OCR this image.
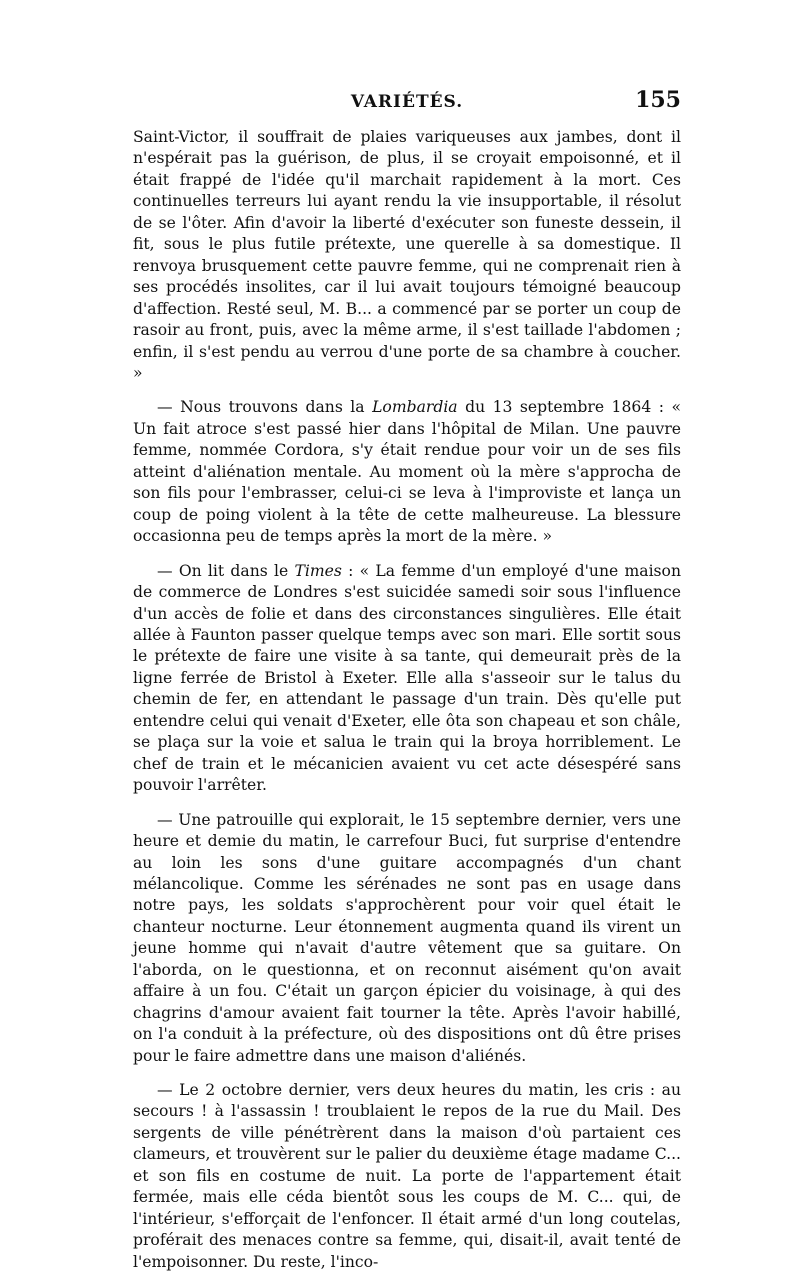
VARIÉTÉS.	155

Saint-Victor, il souffrait de plaies variqueuses aux jambes, dont il n'espérait pas la guérison, de plus, il se croyait empoisonné, et il était frappé de l'idée qu'il marchait rapidement à la mort. Ces continuelles terreurs lui ayant rendu la vie insupportable, il résolut de se l'ôter. Afin d'avoir la liberté d'exécuter son funeste dessein, il fit, sous le plus futile prétexte, une querelle à sa domestique. Il renvoya brusquement cette pauvre femme, qui ne comprenait rien à ses procédés insolites, car il lui avait toujours témoigné beaucoup d'affection. Resté seul, M. B... a commencé par se porter un coup de rasoir au front, puis, avec la même arme, il s'est taillade l'abdomen ; enfin, il s'est pendu au verrou d'une porte de sa chambre à coucher. »

— Nous trouvons dans la Lombardia du 13 septembre 1864 : « Un fait atroce s'est passé hier dans l'hôpital de Milan. Une pauvre femme, nommée Cordora, s'y était rendue pour voir un de ses fils atteint d'aliénation mentale. Au moment où la mère s'approcha de son fils pour l'embrasser, celui-ci se leva à l'improviste et lança un coup de poing violent à la tête de cette malheureuse. La blessure occasionna peu de temps après la mort de la mère. »

— On lit dans le Times : « La femme d'un employé d'une maison de commerce de Londres s'est suicidée samedi soir sous l'influence d'un accès de folie et dans des circonstances singulières. Elle était allée à Faunton passer quelque temps avec son mari. Elle sortit sous le prétexte de faire une visite à sa tante, qui demeurait près de la ligne ferrée de Bristol à Exeter. Elle alla s'asseoir sur le talus du chemin de fer, en attendant le passage d'un train. Dès qu'elle put entendre celui qui venait d'Exeter, elle ôta son chapeau et son châle, se plaça sur la voie et salua le train qui la broya horriblement. Le chef de train et le mécanicien avaient vu cet acte désespéré sans pouvoir l'arrêter.

— Une patrouille qui explorait, le 15 septembre dernier, vers une heure et demie du matin, le carrefour Buci, fut surprise d'entendre au loin les sons d'une guitare accompagnés d'un chant mélancolique. Comme les sérénades ne sont pas en usage dans notre pays, les soldats s'approchèrent pour voir quel était le chanteur nocturne. Leur étonnement augmenta quand ils virent un jeune homme qui n'avait d'autre vêtement que sa guitare. On l'aborda, on le questionna, et on reconnut aisément qu'on avait affaire à un fou. C'était un garçon épicier du voisinage, à qui des chagrins d'amour avaient fait tourner la tête. Après l'avoir habillé, on l'a conduit à la préfecture, où des dispositions ont dû être prises pour le faire admettre dans une maison d'aliénés.

— Le 2 octobre dernier, vers deux heures du matin, les cris : au secours ! à l'assassin ! troublaient le repos de la rue du Mail. Des sergents de ville pénétrèrent dans la maison d'où partaient ces clameurs, et trouvèrent sur le palier du deuxième étage madame C... et son fils en costume de nuit. La porte de l'appartement était fermée, mais elle céda bientôt sous les coups de M. C... qui, de l'intérieur, s'efforçait de l'enfoncer. Il était armé d'un long coutelas, proférait des menaces contre sa femme, qui, disait-il, avait tenté de l'empoisonner. Du reste, l'inco-
